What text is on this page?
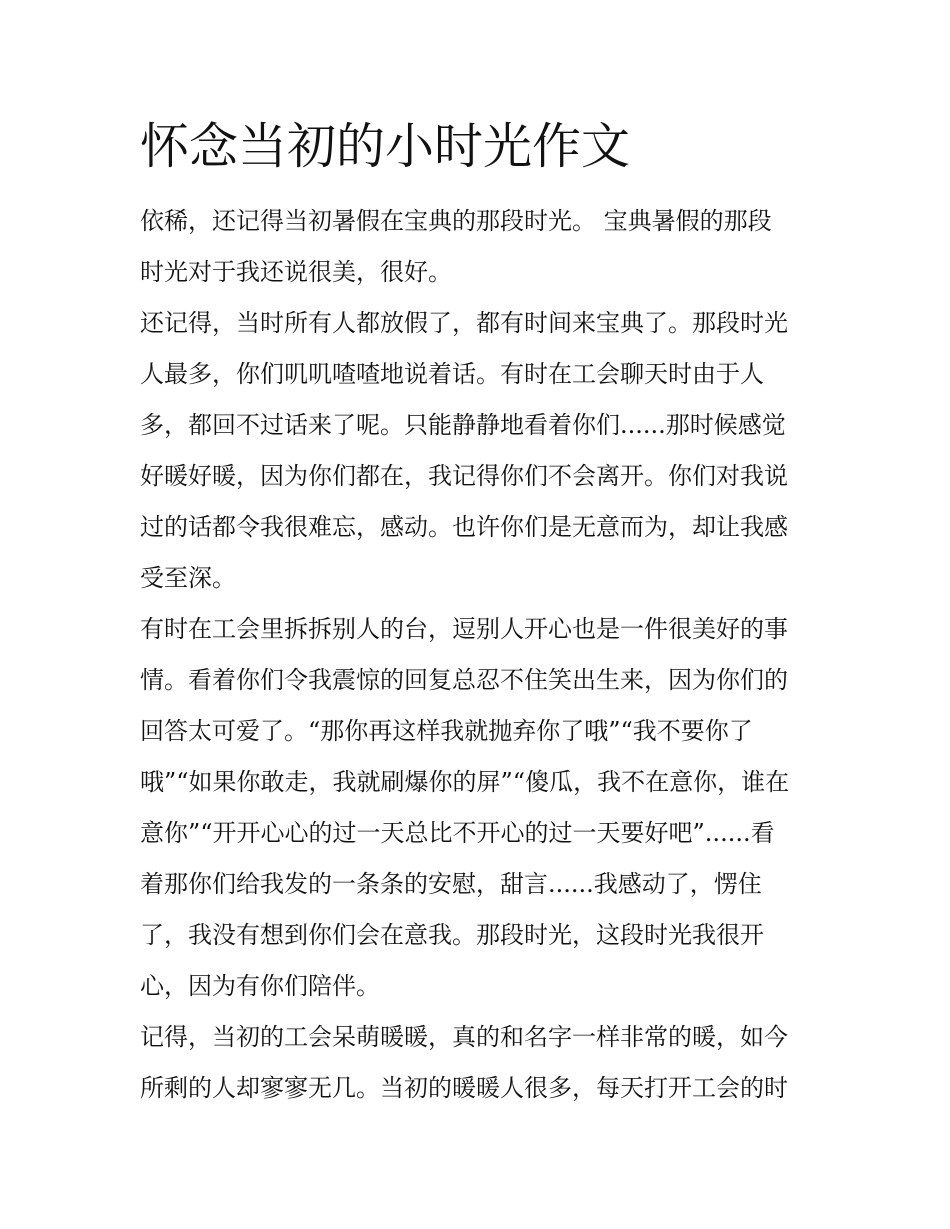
怀念当初的小时光作文
依稀，还记得当初暑假在宝典的那段时光。 宝典暑假的那段
时光对于我还说很美，很好。
还记得，当时所有人都放假了，都有时间来宝典了。那段时光
人最多，你们叽叽喳喳地说着话。有时在工会聊天时由于人
多，都回不过话来了呢。只能静静地看着你们......那时候感觉
好暖好暖，因为你们都在，我记得你们不会离开。你们对我说
过的话都令我很难忘，感动。也许你们是无意而为，却让我感
受至深。
有时在工会里拆拆别人的台，逗别人开心也是一件很美好的事
情。看着你们令我震惊的回复总忍不住笑出生来，因为你们的
回答太可爱了。“那你再这样我就抛弃你了哦”“我不要你了
哦”“如果你敢走，我就刷爆你的屏”“傻瓜，我不在意你，谁在
意你”“开开心心的过一天总比不开心的过一天要好吧”......看
着那你们给我发的一条条的安慰，甜言......我感动了，愣住
了，我没有想到你们会在意我。那段时光，这段时光我很开
心，因为有你们陪伴。
记得，当初的工会呆萌暖暖，真的和名字一样非常的暖，如今
所剩的人却寥寥无几。当初的暖暖人很多，每天打开工会的时
